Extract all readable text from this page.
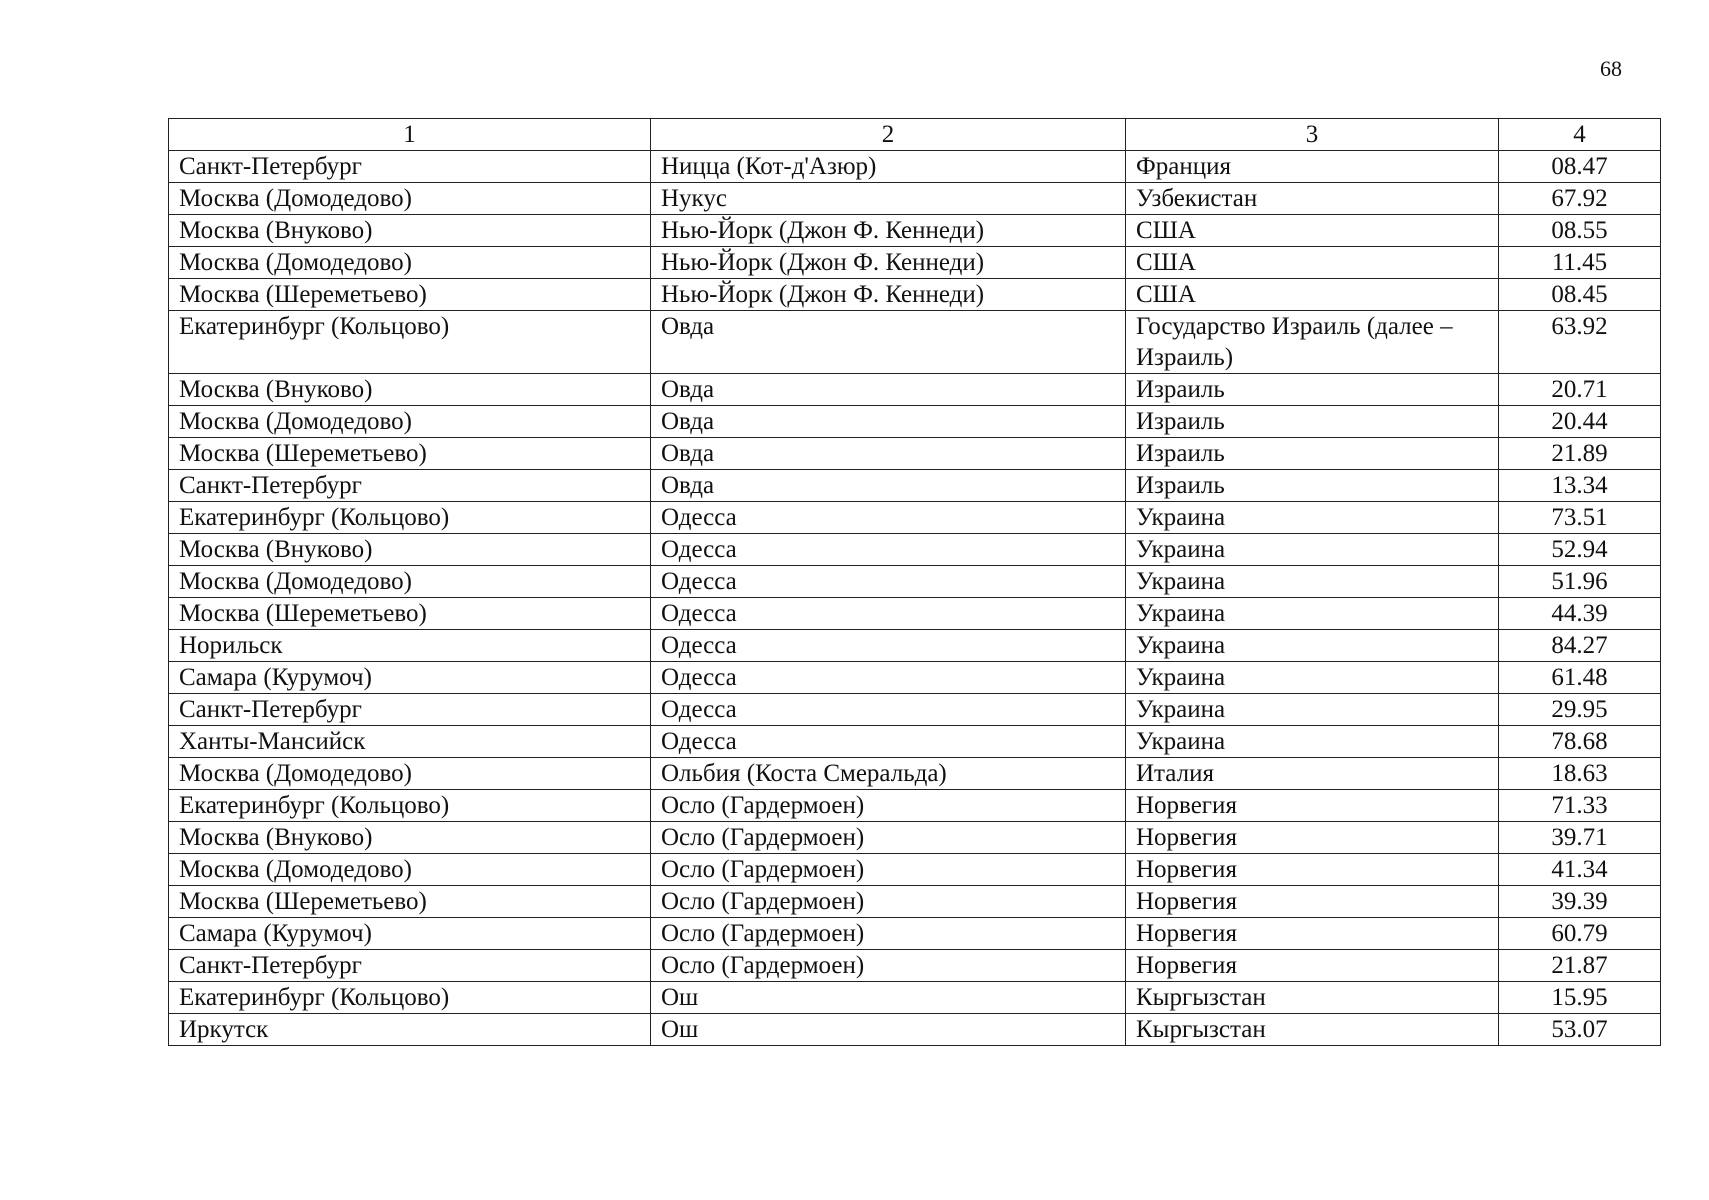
68
1	2	3	4
Санкт-Петербург	Ницца (Кот-д'Азюр)	Франция	08.47
Москва (Домодедово)	Нукус	Узбекистан	67.92
Москва (Внуково)	Нью-Йорк (Джон Ф. Кеннеди)	США	08.55
Москва (Домодедово)	Нью-Йорк (Джон Ф. Кеннеди)	США	11.45
Москва (Шереметьево)	Нью-Йорк (Джон Ф. Кеннеди)	США	08.45
Екатеринбург (Кольцово)	Овда	Государство Израиль (далее – Израиль)	63.92
Москва (Внуково)	Овда	Израиль	20.71
Москва (Домодедово)	Овда	Израиль	20.44
Москва (Шереметьево)	Овда	Израиль	21.89
Санкт-Петербург	Овда	Израиль	13.34
Екатеринбург (Кольцово)	Одесса	Украина	73.51
Москва (Внуково)	Одесса	Украина	52.94
Москва (Домодедово)	Одесса	Украина	51.96
Москва (Шереметьево)	Одесса	Украина	44.39
Норильск	Одесса	Украина	84.27
Самара (Курумоч)	Одесса	Украина	61.48
Санкт-Петербург	Одесса	Украина	29.95
Ханты-Мансийск	Одесса	Украина	78.68
Москва (Домодедово)	Ольбия (Коста Смеральда)	Италия	18.63
Екатеринбург (Кольцово)	Осло (Гардермоен)	Норвегия	71.33
Москва (Внуково)	Осло (Гардермоен)	Норвегия	39.71
Москва (Домодедово)	Осло (Гардермоен)	Норвегия	41.34
Москва (Шереметьево)	Осло (Гардермоен)	Норвегия	39.39
Самара (Курумоч)	Осло (Гардермоен)	Норвегия	60.79
Санкт-Петербург	Осло (Гардермоен)	Норвегия	21.87
Екатеринбург (Кольцово)	Ош	Кыргызстан	15.95
Иркутск	Ош	Кыргызстан	53.07
